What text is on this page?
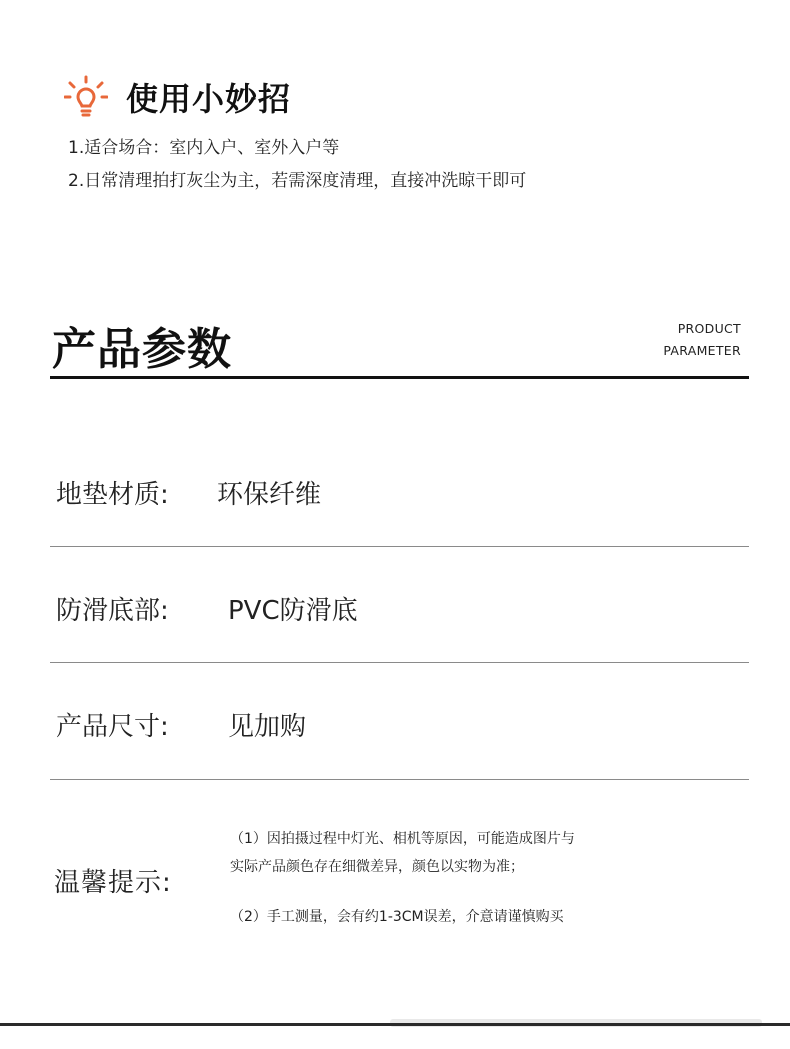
使用小妙招
1.适合场合：室内入户、室外入户等
2.日常清理拍打灰尘为主，若需深度清理，直接冲洗晾干即可
产品参数	PRODUCT
PARAMETER
地垫材质: 环保纤维
防滑底部: PVC防滑底
产品尺寸: 见加购
温馨提示:
（1）因拍摄过程中灯光、相机等原因，可能造成图片与
实际产品颜色存在细微差异，颜色以实物为准；
（2）手工测量，会有约1-3CM误差，介意请谨慎购买
